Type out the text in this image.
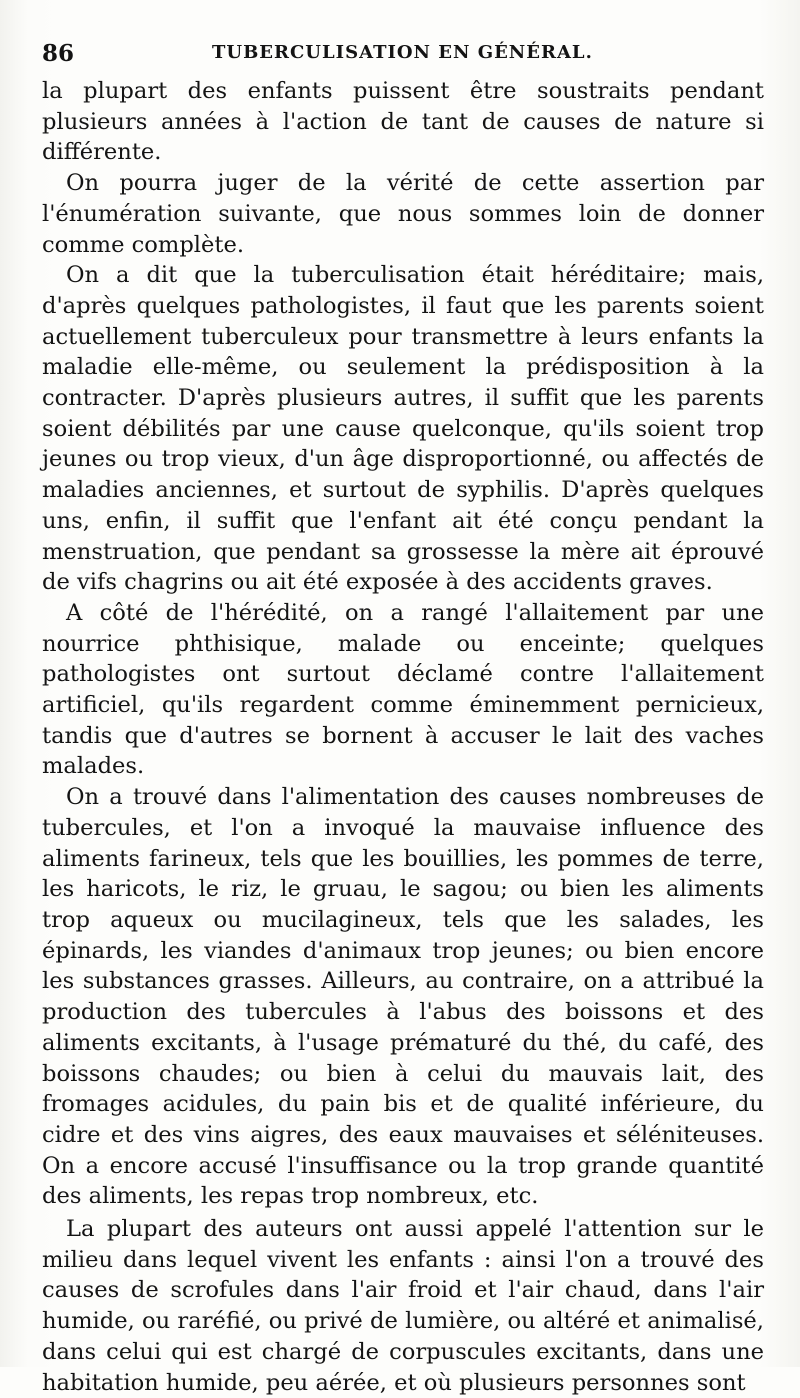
86	TUBERCULISATION EN GÉNÉRAL.

la plupart des enfants puissent être soustraits pendant plusieurs années à l'action de tant de causes de nature si différente.

On pourra juger de la vérité de cette assertion par l'énumération suivante, que nous sommes loin de donner comme complète.

On a dit que la tuberculisation était héréditaire; mais, d'après quelques pathologistes, il faut que les parents soient actuellement tuberculeux pour transmettre à leurs enfants la maladie elle-même, ou seulement la prédisposition à la contracter. D'après plusieurs autres, il suffit que les parents soient débilités par une cause quelconque, qu'ils soient trop jeunes ou trop vieux, d'un âge disproportionné, ou affectés de maladies anciennes, et surtout de syphilis. D'après quelques uns, enfin, il suffit que l'enfant ait été conçu pendant la menstruation, que pendant sa grossesse la mère ait éprouvé de vifs chagrins ou ait été exposée à des accidents graves.

A côté de l'hérédité, on a rangé l'allaitement par une nourrice phthisique, malade ou enceinte; quelques pathologistes ont surtout déclamé contre l'allaitement artificiel, qu'ils regardent comme éminemment pernicieux, tandis que d'autres se bornent à accuser le lait des vaches malades.

On a trouvé dans l'alimentation des causes nombreuses de tubercules, et l'on a invoqué la mauvaise influence des aliments farineux, tels que les bouillies, les pommes de terre, les haricots, le riz, le gruau, le sagou; ou bien les aliments trop aqueux ou mucilagineux, tels que les salades, les épinards, les viandes d'animaux trop jeunes; ou bien encore les substances grasses. Ailleurs, au contraire, on a attribué la production des tubercules à l'abus des boissons et des aliments excitants, à l'usage prématuré du thé, du café, des boissons chaudes; ou bien à celui du mauvais lait, des fromages acidules, du pain bis et de qualité inférieure, du cidre et des vins aigres, des eaux mauvaises et séléniteuses. On a encore accusé l'insuffisance ou la trop grande quantité des aliments, les repas trop nombreux, etc.

La plupart des auteurs ont aussi appelé l'attention sur le milieu dans lequel vivent les enfants : ainsi l'on a trouvé des causes de scrofules dans l'air froid et l'air chaud, dans l'air humide, ou raréfié, ou privé de lumière, ou altéré et animalisé, dans celui qui est chargé de corpuscules excitants, dans une habitation humide, peu aérée, et où plusieurs personnes sont
